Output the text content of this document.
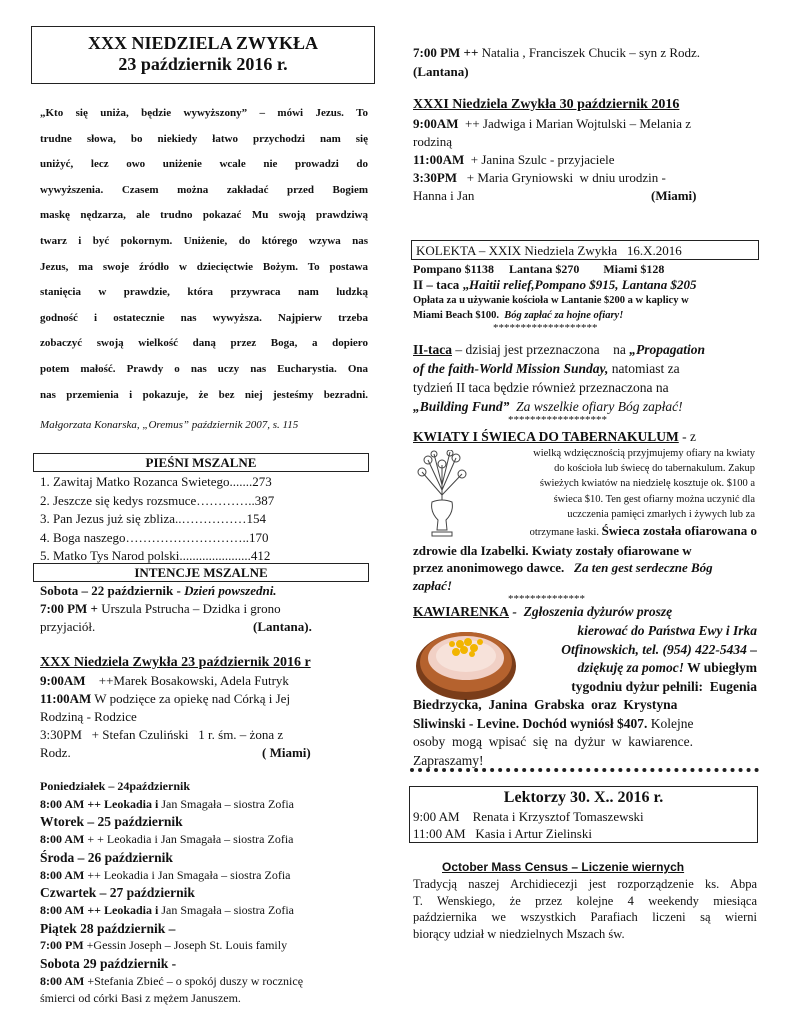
XXX NIEDZIELA ZWYKŁA
23 październik 2016 r.
„Kto się uniża, będzie wywyższony” – mówi Jezus. To
trudne słowa, bo niekiedy łatwo przychodzi nam się
uniżyć, lecz owo uniżenie wcale nie prowadzi do
wywyższenia. Czasem można zakładać przed Bogiem
maskę nędzarza, ale trudno pokazać Mu swoją prawdziwą
twarz i być pokornym. Uniżenie, do którego wzywa nas
Jezus, ma swoje źródło w dziecięctwie Bożym. To postawa
stanięcia w prawdzie, która przywraca nam ludzką
godność i ostatecznie nas wywyższa. Najpierw trzeba
zobaczyć swoją wielkość daną przez Boga, a dopiero
potem małość. Prawdy o nas uczy nas Eucharystia. Ona
nas przemienia i pokazuje, że bez niej jesteśmy bezradni.
Małgorzata Konarska, „Oremus” październik 2007, s. 115
PIEŚNI MSZALNE
1. Zawitaj Matko Rozanca Swietego.......273
2. Jeszcze się kedys rozsmuce…………..387
3. Pan Jezus już się zbliza..……………154
4. Boga naszego………………………..170
5. Matko Tys Narod polski......................412
INTENCJE MSZALNE
Sobota – 22 październik - Dzień powszedni.
7:00 PM + Urszula Pstrucha – Dzidka i grono
przyjaciół.	(Lantana).
XXX Niedziela Zwykła 23 październik 2016 r
9:00AM ++Marek Bosakowski, Adela Futryk
11:00AM W podzięce za opiekę nad Córką i Jej
Rodziną - Rodzice
3:30PM   + Stefan Czuliński   1 r. śm. – żona z
Rodz.	( Miami)
Poniedziałek – 24październik
8:00 AM ++ Leokadia i Jan Smagała – siostra Zofia
Wtorek – 25 październik
8:00 AM + + Leokadia i Jan Smagała – siostra Zofia
Środa – 26 październik
8:00 AM ++ Leokadia i Jan Smagała – siostra Zofia
Czwartek – 27 październik
8:00 AM ++ Leokadia i Jan Smagała – siostra Zofia
Piątek 28 październik –
7:00 PM +Gessin Joseph – Joseph St. Louis family
Sobota 29 październik -
8:00 AM +Stefania Zbieć – o spokój duszy w rocznicę
śmierci od córki Basi z mężem Januszem.
7:00 PM ++ Natalia , Franciszek Chucik – syn z Rodz.
(Lantana)
XXXI Niedziela Zwykła 30 październik 2016
9:00AM  ++ Jadwiga i Marian Wojtulski – Melania z
rodziną
11:00AM  + Janina Szulc - przyjaciele
3:30PM   + Maria Gryniowski  w dniu urodzin -
Hanna i Jan	(Miami)
KOLEKTA – XXIX Niedziela Zwykła   16.X.2016
Pompano $1138     Lantana $270        Miami $128
II – taca „Haitii relief,Pompano $915, Lantana $205
Opłata za u używanie kościoła w Lantanie $200 a w kaplicy w
Miami Beach $100.  Bóg zapłać za hojne ofiary!
*******************
II-taca – dzisiaj jest przeznaczona    na „Propagation
of the faith-World Mission Sunday, natomiast za
tydzień II taca będzie również przeznaczona na
„Building Fund”  Za wszelkie ofiary Bóg zapłać!
******************
KWIATY I ŚWIECA DO TABERNAKULUM - z
wielką wdzięcznością przyjmujemy ofiary na kwiaty
do kościoła lub świecę do tabernakulum. Zakup
świeżych kwiatów na niedzielę kosztuje ok. $100 a
świeca $10. Ten gest ofiarny można uczynić dla
uczczenia pamięci zmarłych i żywych lub za
otrzymane łaski. Świeca została ofiarowana o
zdrowie dla Izabelki. Kwiaty zostały ofiarowane w
przez anonimowego dawce.   Za ten gest serdeczne Bóg
zapłać!
**************
KAWIARENKA -  Zgłoszenia dyżurów proszę
kierować do Państwa Ewy i Irka
Otfinowskich, tel. (954) 422-5434 –
dziękuję za pomoc! W ubiegłym
tygodniu dyżur pełnili:  Eugenia
Biedrzycka,  Janina  Grabska  oraz  Krystyna
Sliwinski - Levine. Dochód wyniósł $407. Kolejne
osoby  mogą  wpisać  się  na  dyżur  w  kawiarence.
Zapraszamy!
Lektorzy 30. X.. 2016 r.
9:00 AM    Renata i Krzysztof Tomaszewski
11:00 AM   Kasia i Artur Zielinski
October Mass Census – Liczenie wiernych
Tradycją naszej Archidiecezji jest rozporządzenie ks. Abpa
T. Wenskiego, że przez kolejne 4 weekendy miesiąca
października we wszystkich Parafiach liczeni są wierni
biorący udział w niedzielnych Mszach św.
